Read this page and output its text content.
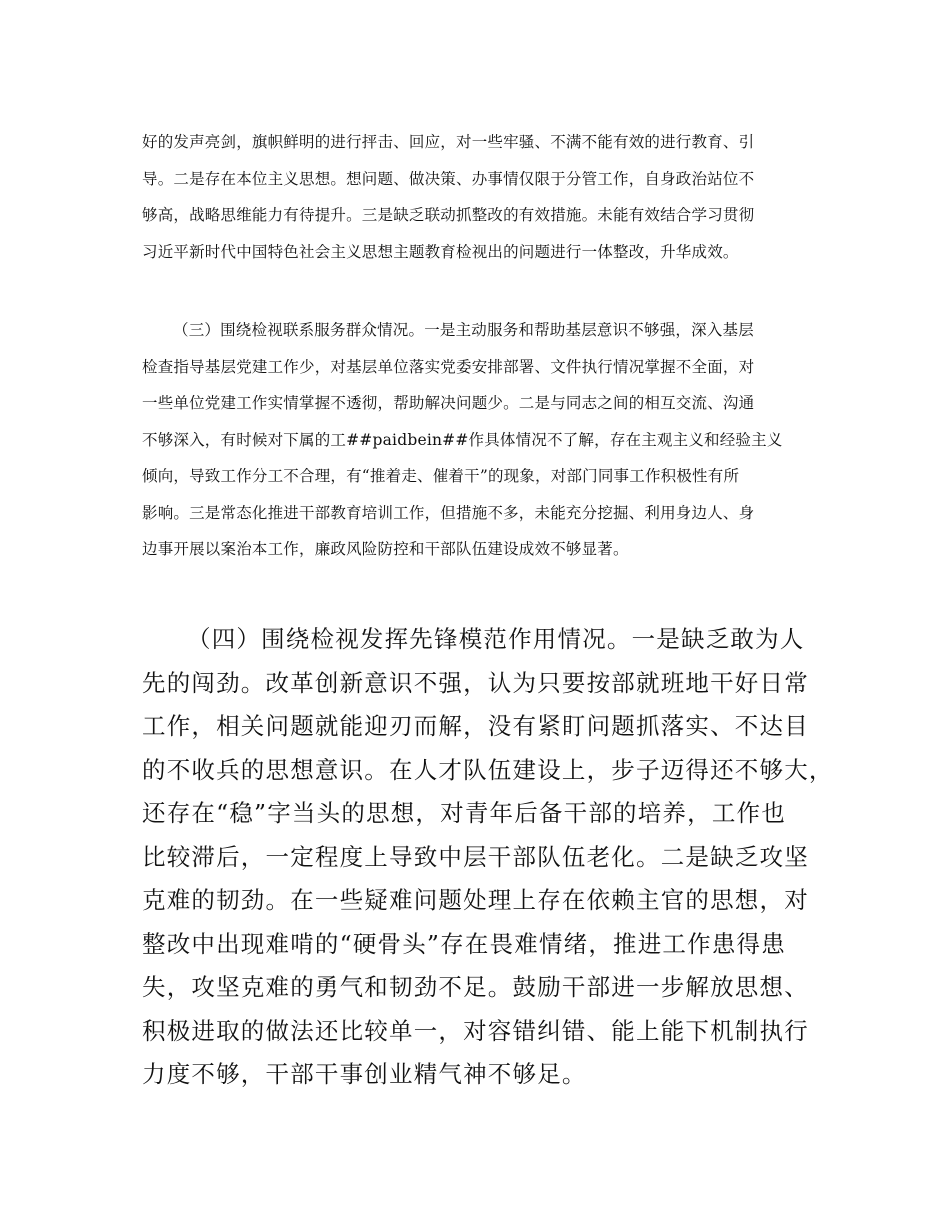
好的发声亮剑，旗帜鲜明的进行抨击、回应，对一些牢骚、不满不能有效的进行教育、引
导。二是存在本位主义思想。想问题、做决策、办事情仅限于分管工作，自身政治站位不
够高，战略思维能力有待提升。三是缺乏联动抓整改的有效措施。未能有效结合学习贯彻
习近平新时代中国特色社会主义思想主题教育检视出的问题进行一体整改，升华成效。
（三）围绕检视联系服务群众情况。一是主动服务和帮助基层意识不够强，深入基层
检查指导基层党建工作少，对基层单位落实党委安排部署、文件执行情况掌握不全面，对
一些单位党建工作实情掌握不透彻，帮助解决问题少。二是与同志之间的相互交流、沟通
不够深入，有时候对下属的工##paidbein##作具体情况不了解，存在主观主义和经验主义
倾向，导致工作分工不合理，有“推着走、催着干”的现象，对部门同事工作积极性有所
影响。三是常态化推进干部教育培训工作，但措施不多，未能充分挖掘、利用身边人、身
边事开展以案治本工作，廉政风险防控和干部队伍建设成效不够显著。
（四）围绕检视发挥先锋模范作用情况。一是缺乏敢为人
先的闯劲。改革创新意识不强，认为只要按部就班地干好日常
工作，相关问题就能迎刃而解，没有紧盯问题抓落实、不达目
的不收兵的思想意识。在人才队伍建设上，步子迈得还不够大，
还存在“稳”字当头的思想，对青年后备干部的培养，工作也
比较滞后，一定程度上导致中层干部队伍老化。二是缺乏攻坚
克难的韧劲。在一些疑难问题处理上存在依赖主官的思想，对
整改中出现难啃的“硬骨头”存在畏难情绪，推进工作患得患
失，攻坚克难的勇气和韧劲不足。鼓励干部进一步解放思想、
积极进取的做法还比较单一，对容错纠错、能上能下机制执行
力度不够，干部干事创业精气神不够足。
